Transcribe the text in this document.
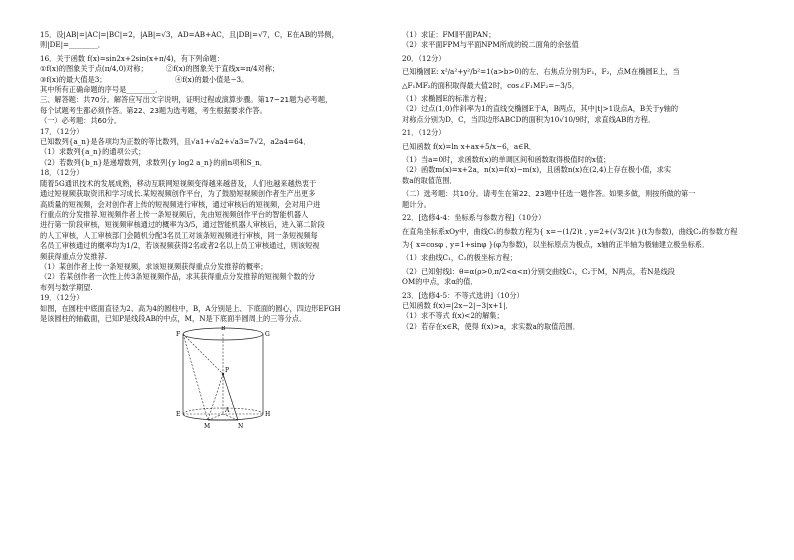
15．设|AB|=|AC|=|BC|=2，|AB|=√3，AD=AB+AC，且|DB|=√7，C，E在AB的异侧，

则|DE|=________．

16．关于函数 f(x)=sin2x+2sin(x+π/4)，有下列命题：

①f(x)的图象关于点(π/4,0)对称；        ②f(x)的图象关于直线x=π/4对称；

③f(x)的最大值是3；                              ④f(x)的最小值是−3。

其中所有正确命题的序号是________．

三、解答题：共70分。解答应写出文字说明，证明过程或演算步骤。第17~21题为必考题，

每个试题考生都必须作答。第22、23题为选考题，考生根据要求作答。

（一）必考题：共60分。

17．（12分）

已知数列{a_n}是各项均为正数的等比数列，且√a1+√a2+√a3=7√2，a2a4=64．

（1）求数列{a_n}的通项公式；

（2）若数列{b_n}是递增数列，求数列{y log2 a_n}的前n项和S_n．

18．（12分）

随着5G通讯技术的发展成熟，移动互联网短视频变得越来越普及，人们也越来越热衷于

通过短视频获取资讯和学习成长.某短视频创作平台，为了鼓励短视频创作者生产出更多

高质量的短视频，会对创作者上传的短视频进行审核，通过审核后的短视频，会对用户进

行重点的分发推荐.短视频作者上传一条短视频后，先由短视频创作平台的智能机器人

进行第一阶段审核，短视频审核通过的概率为3/5，通过智能机器人审核后，进入第二阶段

的人工审核，人工审核部门会随机分配3名员工对该条短视频进行审核，同一条短视频每

名员工审核通过的概率均为1/2，若该视频获得2名或者2名以上员工审核通过，则该短视

频获得重点分发推荐.

（1）某创作者上传一条短视频，求该短视频获得重点分发推荐的概率；

（2）若某创作者一次性上传3条短视频作品，求其获得重点分发推荐的短视频个数的分

布列与数学期望.

19．（12分）

如图，在圆柱中底面直径为2、高为4的圆柱中，B，A分别是上、下底面的圆心，四边形EFGH

是该圆柱的轴截面，已知P是线段AB的中点，M，N是下底面半圆周上的三等分点．

F
B
G
P
E
A
H
M	N

（1）求证：FM∥平面PAN；

（2）求平面FPM与平面NPM所成的锐二面角的余弦值

20．（12分）

已知椭圆E: x²/a²+y²/b²=1(a>b>0)的左、右焦点分别为F₁，F₂，点M在椭圆E上，当

△F₁MF₂的面积取得最大值2时，cos∠F₁MF₂=−3/5．

（1）求椭圆E的标准方程；

（2）过点(1,0)作斜率为1的直线交椭圆E于A，B两点，其中|t|>1设点A，B关于y轴的

对称点分别为D，C，当四边形ABCD的面积为10√10/9时，求直线AB的方程．

21．（12分）

已知函数 f(x)=ln x+ax+5/x−6，a∈R．

（1）当a=0时，求函数f(x)的单调区间和函数取得极值时的x值；

（2）函数m(x)=x+2a，n(x)=f(x)−m(x)，且函数n(x)在(2,4)上存在极小值，求实

数a的取值范围．

（二）选考题：共10分。请考生在第22、23题中任选一题作答。如果多做，则按所做的第一

题计分。

22．[选修4-4：坐标系与参数方程]（10分）

在直角坐标系xOy中，曲线C₁的参数方程为{ x=−(1/2)t , y=2+(√3/2)t }(t为参数)，曲线C₂的参数方程

为{ x=cosφ , y=1+sinφ }(φ为参数)，以坐标原点为极点，x轴的正半轴为极轴建立极坐标系．

（1）求曲线C₁，C₂的极坐标方程；

（2）已知射线l：θ=α(ρ>0,π/2<α<π)分别交曲线C₁，C₂于M，N两点，若N是线段

OM的中点，求α的值．

23．[选修4-5：不等式选讲]（10分）

已知函数 f(x)=|2x−2|−3|x+1|．

（1）求不等式 f(x)<2的解集；

（2）若存在x∈R，使得 f(x)>a，求实数a的取值范围．
